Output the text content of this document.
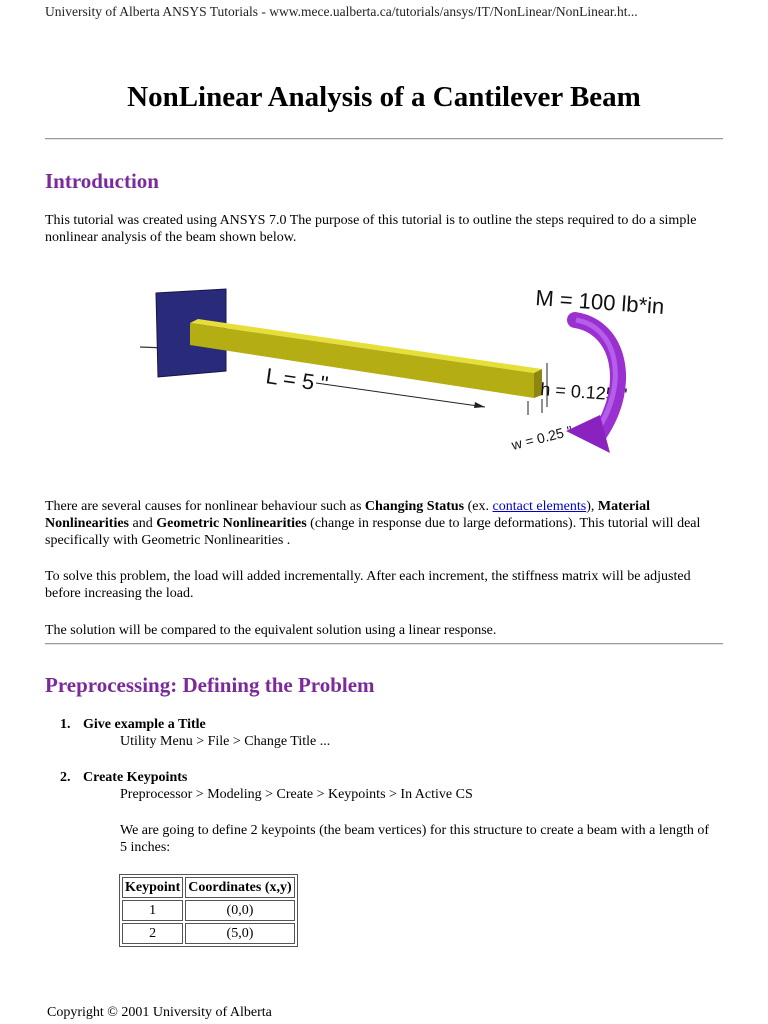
University of Alberta ANSYS Tutorials - www.mece.ualberta.ca/tutorials/ansys/IT/NonLinear/NonLinear.ht...
NonLinear Analysis of a Cantilever Beam
Introduction

This tutorial was created using ANSYS 7.0 The purpose of this tutorial is to outline the steps required to do a simple nonlinear analysis of the beam shown below.

L = 5 "	h = 0.125 "
w = 0.25 "
M = 100 lb*in

There are several causes for nonlinear behaviour such as Changing Status (ex. contact elements), Material Nonlinearities and Geometric Nonlinearities (change in response due to large deformations). This tutorial will deal specifically with Geometric Nonlinearities .

To solve this problem, the load will added incrementally. After each increment, the stiffness matrix will be adjusted before increasing the load.

The solution will be compared to the equivalent solution using a linear response.

Preprocessing: Defining the Problem
1. Give example a Title
Utility Menu > File > Change Title ...
2. Create Keypoints
Preprocessor > Modeling > Create > Keypoints > In Active CS
We are going to define 2 keypoints (the beam vertices) for this structure to create a beam with a length of 5 inches:
Keypoint	Coordinates (x,y)
1	(0,0)
2	(5,0)
Copyright © 2001 University of Alberta
